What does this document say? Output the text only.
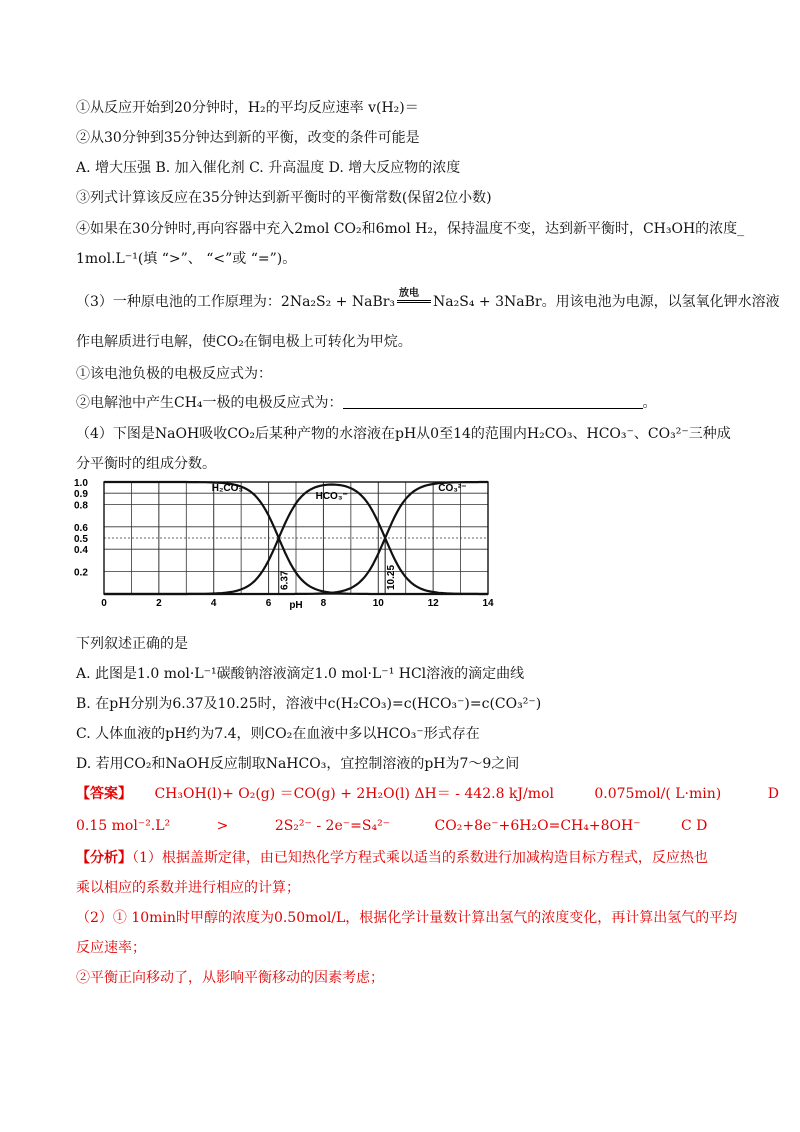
①从反应开始到20分钟时，H₂的平均反应速率 v(H₂)＝
②从30分钟到35分钟达到新的平衡，改变的条件可能是
A. 增大压强 B. 加入催化剂 C. 升高温度 D. 增大反应物的浓度
③列式计算该反应在35分钟达到新平衡时的平衡常数(保留2位小数)
④如果在30分钟时,再向容器中充入2mol CO₂和6mol H₂，保持温度不变，达到新平衡时，CH₃OH的浓度_
1mol.L⁻¹(填 “>”、 “<”或 “=”)。
（3）一种原电池的工作原理为：2Na₂S₂ + NaBr₃
放电
Na₂S₄ + 3NaBr。用该电池为电源，以氢氧化钾水溶液
作电解质进行电解，使CO₂在铜电极上可转化为甲烷。
①该电池负极的电极反应式为：
②电解池中产生CH₄一极的电极反应式为：	。
（4）下图是NaOH吸收CO₂后某种产物的水溶液在pH从0至14的范围内H₂CO₃、HCO₃⁻、CO₃²⁻三种成
分平衡时的组成分数。
0	2	4	6	8	10	12	14
1.0
0.9
0.8
0.6
0.5
0.4
0.2
pH
6.37	10.25
H₂CO₃
HCO₃⁻
CO₃²⁻
下列叙述正确的是
A. 此图是1.0 mol·L⁻¹碳酸钠溶液滴定1.0 mol·L⁻¹ HCl溶液的滴定曲线
B. 在pH分别为6.37及10.25时，溶液中c(H₂CO₃)=c(HCO₃⁻)=c(CO₃²⁻)
C. 人体血液的pH约为7.4，则CO₂在血液中多以HCO₃⁻形式存在
D. 若用CO₂和NaOH反应制取NaHCO₃，宜控制溶液的pH为7～9之间
【答案】 CH₃OH(l)+ O₂(g) ＝CO(g) + 2H₂O(l) ΔH＝ - 442.8 kJ/mol	0.075mol/( L·min)	D
0.15 mol⁻².L²	>	2S₂²⁻ - 2e⁻=S₄²⁻	CO₂+8e⁻+6H₂O=CH₄+8OH⁻	C D
【分析】（1）根据盖斯定律，由已知热化学方程式乘以适当的系数进行加减构造目标方程式，反应热也
乘以相应的系数并进行相应的计算；
（2）① 10min时甲醇的浓度为0.50mol/L，根据化学计量数计算出氢气的浓度变化，再计算出氢气的平均
反应速率；
②平衡正向移动了，从影响平衡移动的因素考虑；
